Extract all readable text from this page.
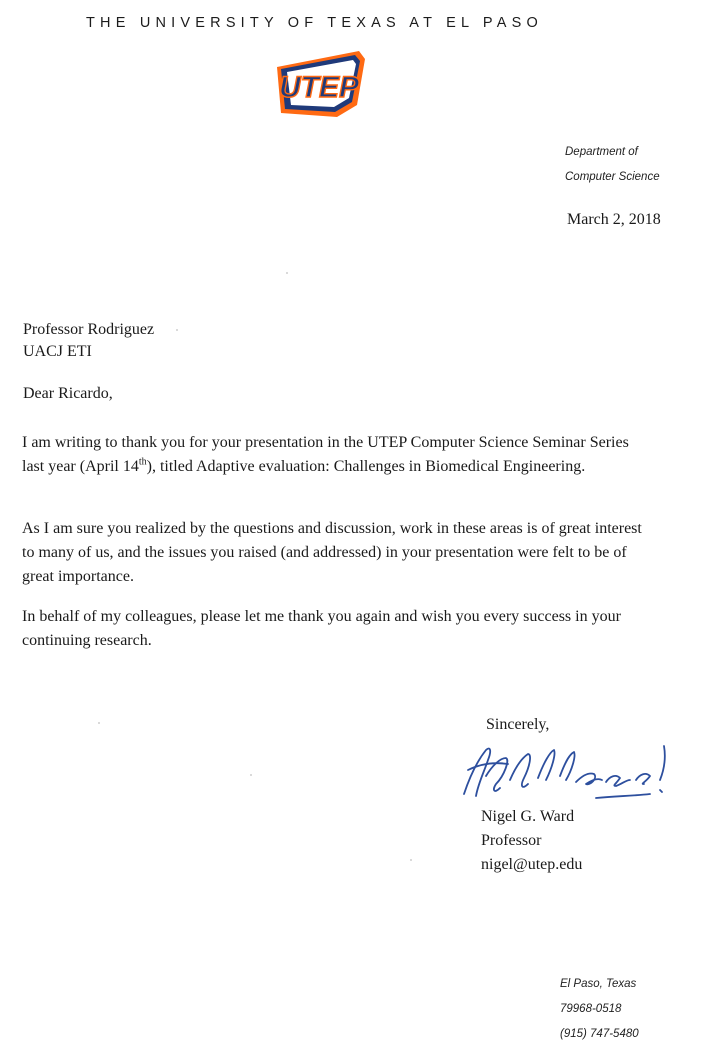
THE UNIVERSITY OF TEXAS AT EL PASO
UTEP
Department of
Computer Science
March 2, 2018
Professor Rodriguez
UACJ ETI
Dear Ricardo,

I am writing to thank you for your presentation in the UTEP Computer Science Seminar Series last year (April 14th), titled Adaptive evaluation: Challenges in Biomedical Engineering.

As I am sure you realized by the questions and discussion, work in these areas is of great interest to many of us, and the issues you raised (and addressed) in your presentation were felt to be of great importance.

In behalf of my colleagues, please let me thank you again and wish you every success in your continuing research.

Sincerely,
Nigel G. Ward
Professor
nigel@utep.edu
El Paso, Texas
79968-0518
(915) 747-5480
